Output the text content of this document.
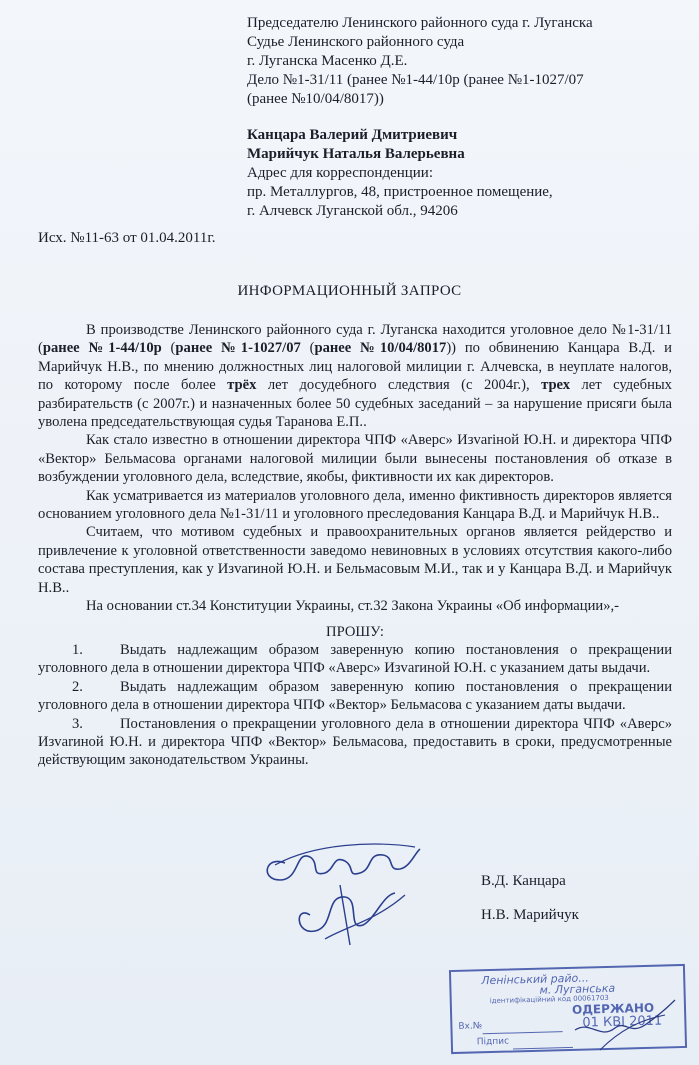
Председателю Ленинского районного суда г. Луганска
Судье Ленинского районного суда
г. Луганска Масенко Д.Е.
Дело №1-31/11 (ранее №1-44/10р (ранее №1-1027/07
(ранее №10/04/8017))
Канцара Валерий Дмитриевич
Марийчук Наталья Валерьевна
Адрес для корреспонденции:
пр. Металлургов, 48, пристроенное помещение,
г. Алчевск Луганской обл., 94206
Исх. №11-63 от 01.04.2011г.
ИНФОРМАЦИОННЫЙ ЗАПРОС

В производстве Ленинского районного суда г. Луганска находится уголовное дело №1-31/11 (ранее №1-44/10р (ранее №1-1027/07 (ранее №10/04/8017)) по обвинению Канцара В.Д. и Марийчук Н.В., по мнению должностных лиц налоговой милиции г. Алчевска, в неуплате налогов, по которому после более трёх лет досудебного следствия (с 2004г.), трех лет судебных разбирательств (с 2007г.) и назначенных более 50 судебных заседаний – за нарушение присяги была уволена председательствующая судья Таранова Е.П..

Как стало известно в отношении директора ЧПФ «Аверс» Изvariной Ю.Н. и директора ЧПФ «Вектор» Бельмасова органами налоговой милиции были вынесены постановления об отказе в возбуждении уголовного дела, вследствие, якобы, фиктивности их как директоров.

Как усматривается из материалов уголовного дела, именно фиктивность директоров является основанием уголовного дела №1-31/11 и уголовного преследования Канцара В.Д. и Марийчук Н.В..

Считаем, что мотивом судебных и правоохранительных органов является рейдерство и привлечение к уголовной ответственности заведомо невиновных в условиях отсутствия какого-либо состава преступления, как у Изvarиной Ю.Н. и Бельмасовым М.И., так и у Канцара В.Д. и Марийчук Н.В..

На основании ст.34 Конституции Украины, ст.32 Закона Украины «Об информации»,-

ПРОШУ:

1.	Выдать надлежащим образом заверенную копию постановления о прекращении уголовного дела в отношении директора ЧПФ «Аверс» Изvarиной Ю.Н. с указанием даты выдачи.

2.	Выдать надлежащим образом заверенную копию постановления о прекращении уголовного дела в отношении директора ЧПФ «Вектор» Бельмасова с указанием даты выдачи.

3.	Постановления о прекращении уголовного дела в отношении директора ЧПФ «Аверс» Изvarиной Ю.Н. и директора ЧПФ «Вектор» Бельмасова, предоставить в сроки, предусмотренные действующим законодательством Украины.

В.Д. Канцара
Н.В. Марийчук
Ленінський райо...
м. Луганська
ідентифікаційний код 00061703
ОДЕРЖАНО
Вх.№	01 КВІ 2011
Підпис
